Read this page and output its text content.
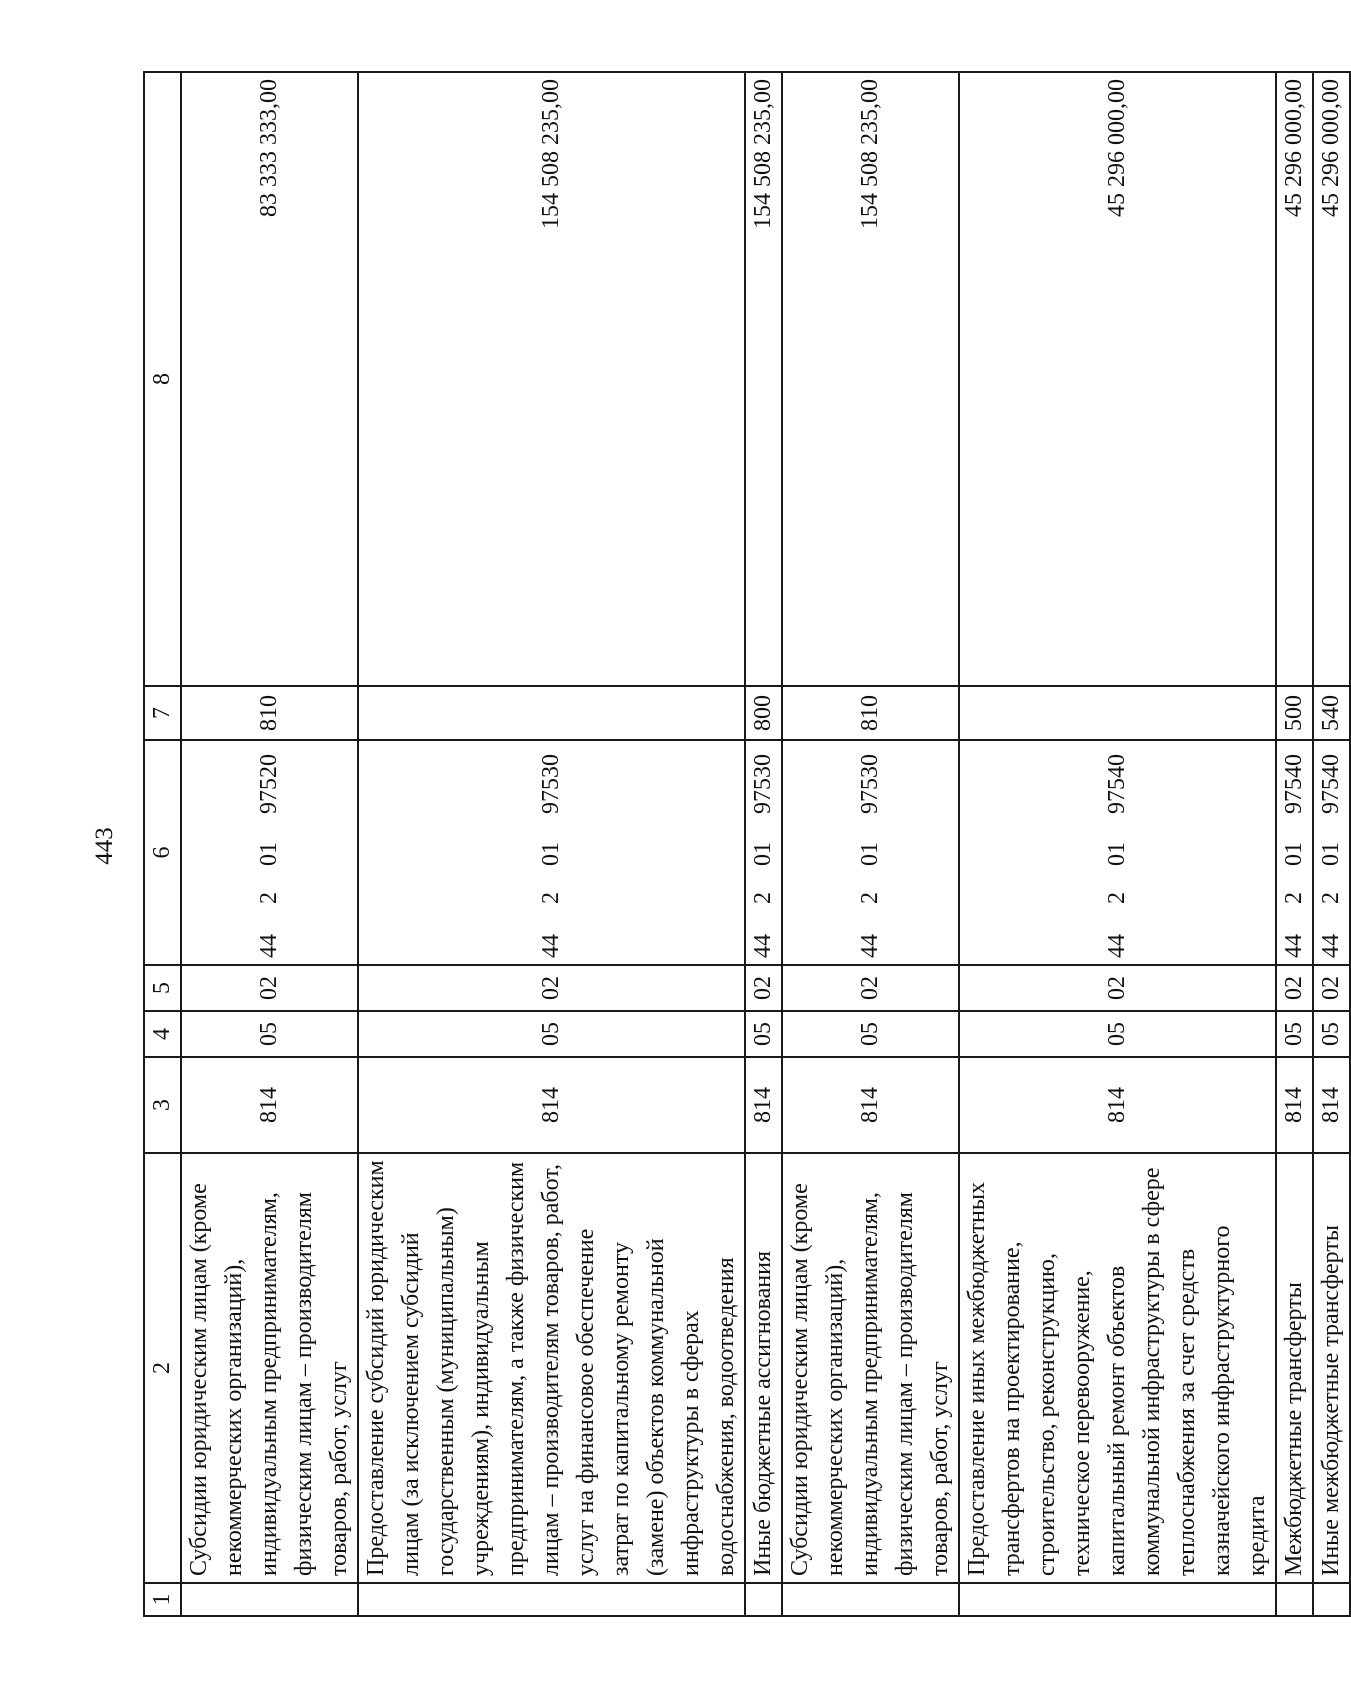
443
1	2	3	4	5	6	7	8
	Субсидии юридическим лицам (кроме некоммерческих организаций), индивидуальным предпринимателям, физическим лицам – производителям товаров, работ, услуг	814	05	02	4420197520	810	83 333 333,00
	Предоставление субсидий юридическим лицам (за исключением субсидий государственным (муниципальным) учреждениям), индивидуальным предпринимателям, а также физическим лицам – производителям товаров, работ, услуг на финансовое обеспечение затрат по капитальному ремонту (замене) объектов коммунальной инфраструктуры в сферах водоснабжения, водоотведения	814	05	02	4420197530		154 508 235,00
	Иные бюджетные ассигнования	814	05	02	4420197530	800	154 508 235,00
	Субсидии юридическим лицам (кроме некоммерческих организаций), индивидуальным предпринимателям, физическим лицам – производителям товаров, работ, услуг	814	05	02	4420197530	810	154 508 235,00
	Предоставление иных межбюджетных трансфертов на проектирование, строительство, реконструкцию, техническое перевооружение, капитальный ремонт объектов коммунальной инфраструктуры в сфере теплоснабжения за счет средств казначейского инфраструктурного кредита	814	05	02	4420197540		45 296 000,00
	Межбюджетные трансферты	814	05	02	4420197540	500	45 296 000,00
	Иные межбюджетные трансферты	814	05	02	4420197540	540	45 296 000,00
